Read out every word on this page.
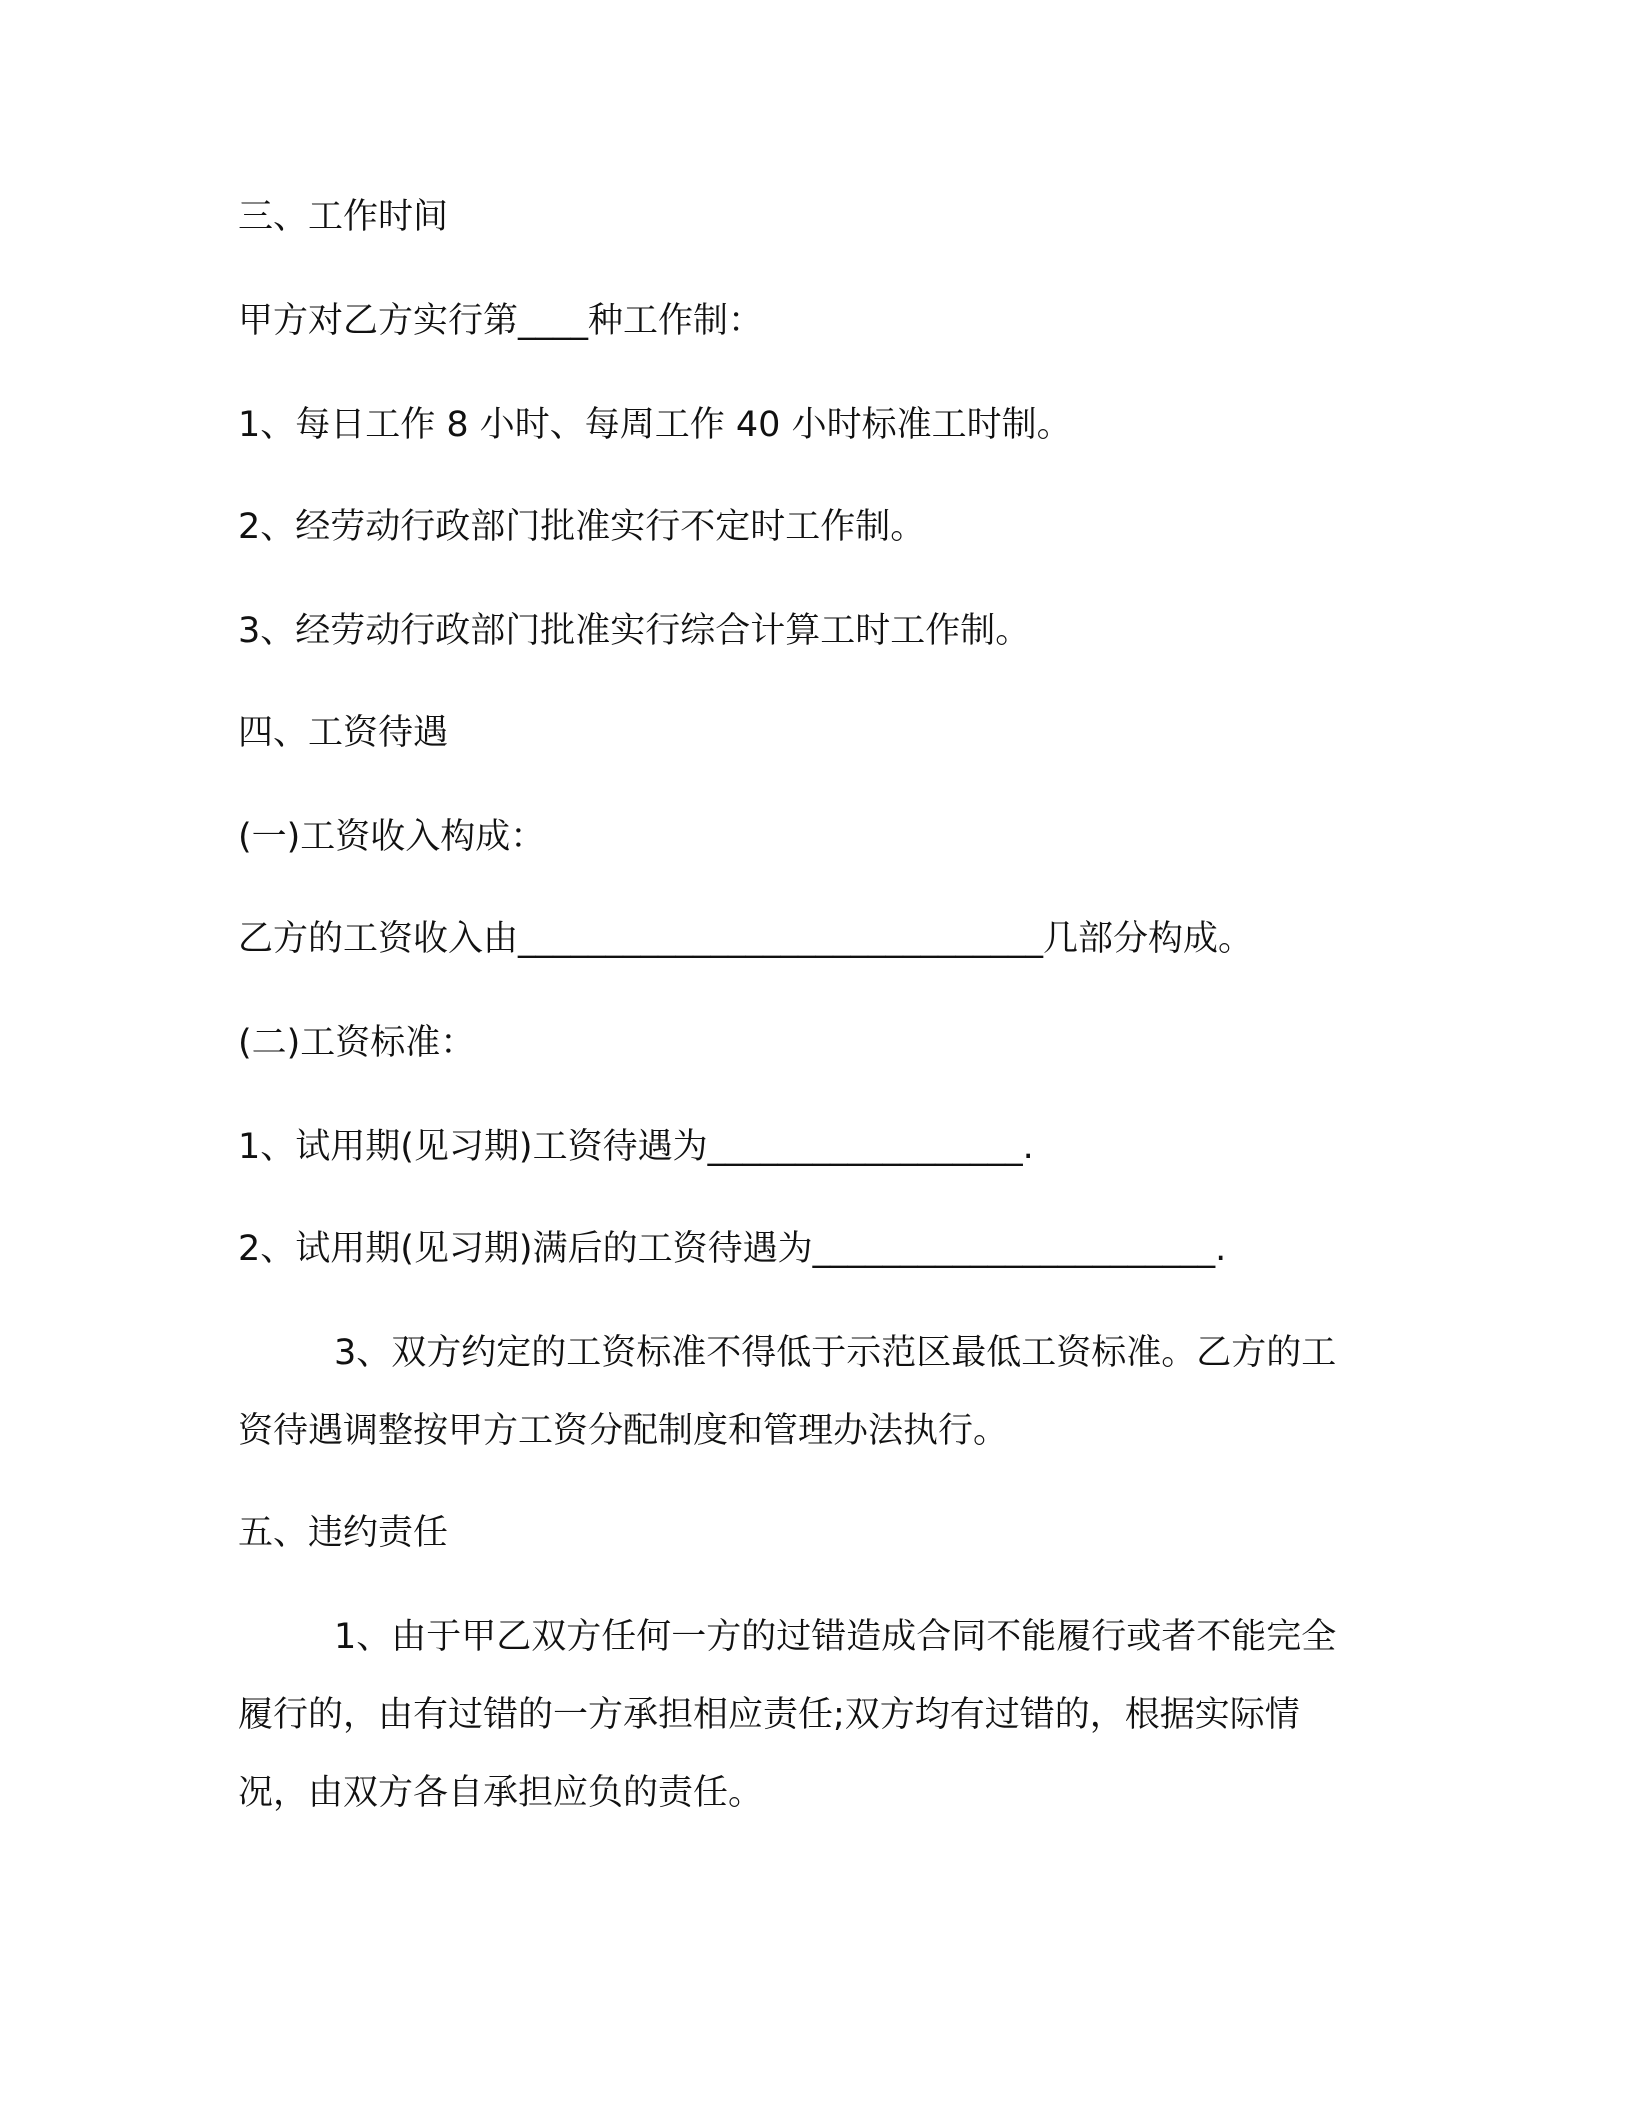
三、工作时间
甲方对乙方实行第____种工作制：
1、每日工作 8 小时、每周工作 40 小时标准工时制。
2、经劳动行政部门批准实行不定时工作制。
3、经劳动行政部门批准实行综合计算工时工作制。
四、工资待遇
(一)工资收入构成：
乙方的工资收入由______________________________几部分构成。
(二)工资标准：
1、试用期(见习期)工资待遇为__________________.
2、试用期(见习期)满后的工资待遇为_______________________.
3、双方约定的工资标准不得低于示范区最低工资标准。乙方的工资待遇调整按甲方工资分配制度和管理办法执行。
五、违约责任
1、由于甲乙双方任何一方的过错造成合同不能履行或者不能完全履行的，由有过错的一方承担相应责任;双方均有过错的，根据实际情况，由双方各自承担应负的责任。
